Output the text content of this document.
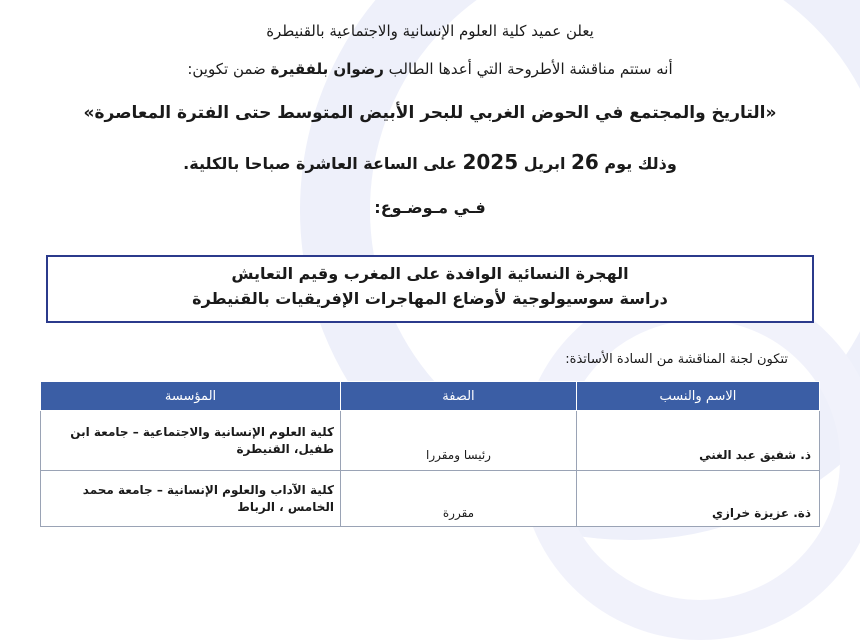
يعلن عميد كلية العلوم الإنسانية والاجتماعية بالقنيطرة
أنه ستتم مناقشة الأطروحة التي أعدها الطالب رضوان بلفقيرة ضمن تكوين:
«التاريخ والمجتمع في الحوض الغربي للبحر الأبيض المتوسط حتى الفترة المعاصرة»
وذلك يوم 26 ابريل 2025 على الساعة العاشرة صباحا بالكلية.
فـي مـوضـوع:
الهجرة النسائية الوافدة على المغرب وقيم التعايش
دراسة سوسيولوجية لأوضاع المهاجرات الإفريقيات بالقنيطرة
تتكون لجنة المناقشة من السادة الأساتذة:
الاسم والنسب	الصفة	المؤسسة
ذ. شفيق عبد الغني	رئيسا ومقررا	كلية العلوم الإنسانية والاجتماعية – جامعة ابن طفيل، القنيطرة
ذة. عزيزة خرازي	مقررة	كلية الآداب والعلوم الإنسانية – جامعة محمد الخامس ، الرباط
